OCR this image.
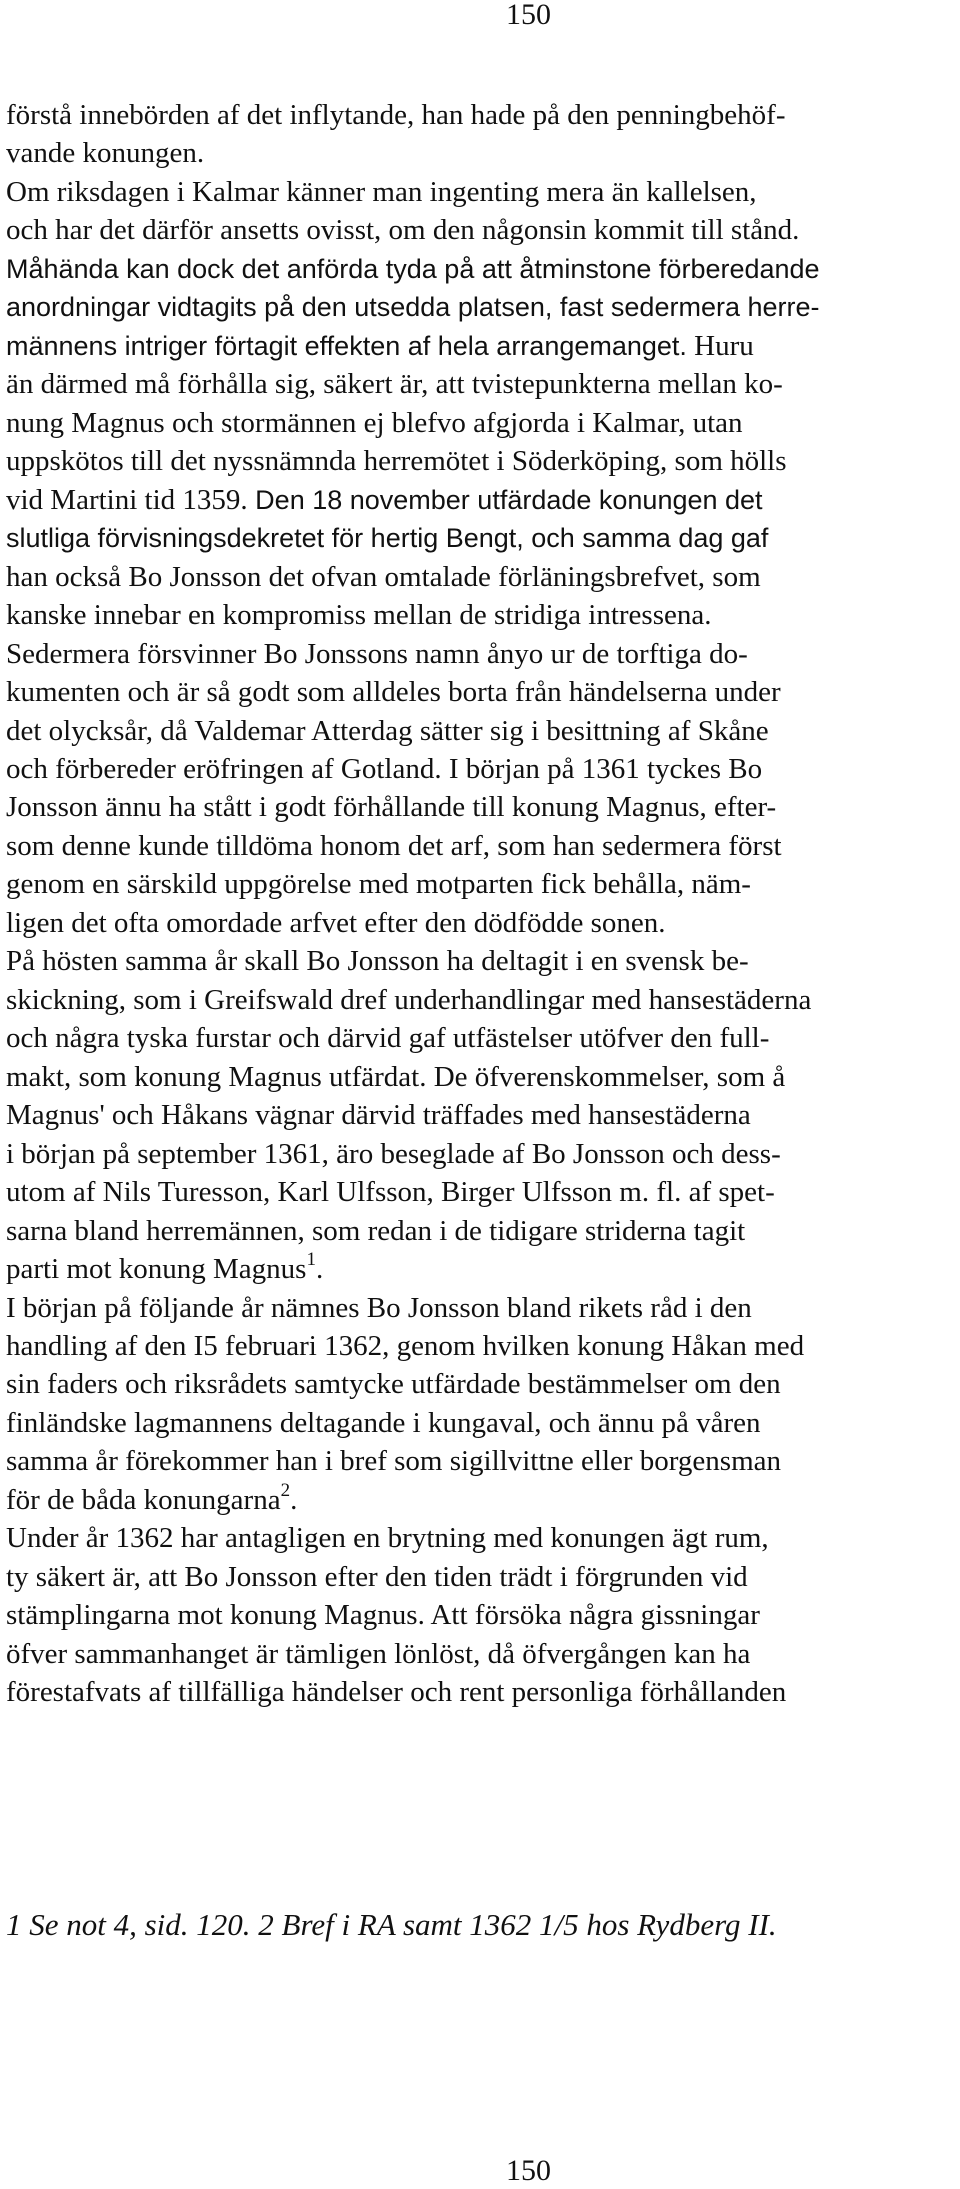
150
förstå innebörden af det inflytande, han hade på den penningbehöf-
vande konungen.
Om riksdagen i Kalmar känner man ingenting mera än kallelsen,
och har det därför ansetts ovisst, om den någonsin kommit till stånd.
Måhända kan dock det anförda tyda på att åtminstone förberedande
anordningar vidtagits på den utsedda platsen, fast sedermera herre-
männens intriger förtagit effekten af hela arrangemanget. Huru
än därmed må förhålla sig, säkert är, att tvistepunkterna mellan ko-
nung Magnus och stormännen ej blefvo afgjorda i Kalmar, utan
uppskötos till det nyssnämnda herremötet i Söderköping, som hölls
vid Martini tid 1359. Den 18 november utfärdade konungen det
slutliga förvisningsdekretet för hertig Bengt, och samma dag gaf
han också Bo Jonsson det ofvan omtalade förläningsbrefvet, som
kanske innebar en kompromiss mellan de stridiga intressena.
Sedermera försvinner Bo Jonssons namn ånyo ur de torftiga do-
kumenten och är så godt som alldeles borta från händelserna under
det olycksår, då Valdemar Atterdag sätter sig i besittning af Skåne
och förbereder eröfringen af Gotland. I början på 1361 tyckes Bo
Jonsson ännu ha stått i godt förhållande till konung Magnus, efter-
som denne kunde tilldöma honom det arf, som han sedermera först
genom en särskild uppgörelse med motparten fick behålla, näm-
ligen det ofta omordade arfvet efter den dödfödde sonen.
På hösten samma år skall Bo Jonsson ha deltagit i en svensk be-
skickning, som i Greifswald dref underhandlingar med hansestäderna
och några tyska furstar och därvid gaf utfästelser utöfver den full-
makt, som konung Magnus utfärdat. De öfverenskommelser, som å
Magnus' och Håkans vägnar därvid träffades med hansestäderna
i början på september 1361, äro beseglade af Bo Jonsson och dess-
utom af Nils Turesson, Karl Ulfsson, Birger Ulfsson m. fl. af spet-
sarna bland herremännen, som redan i de tidigare striderna tagit
parti mot konung Magnus$^1$.
I början på följande år nämnes Bo Jonsson bland rikets råd i den
handling af den I5 februari 1362, genom hvilken konung Håkan med
sin faders och riksrådets samtycke utfärdade bestämmelser om den
finländske lagmannens deltagande i kungaval, och ännu på våren
samma år förekommer han i bref som sigillvittne eller borgensman
för de båda konungarna$^2$.
Under år 1362 har antagligen en brytning med konungen ägt rum,
ty säkert är, att Bo Jonsson efter den tiden trädt i förgrunden vid
stämplingarna mot konung Magnus. Att försöka några gissningar
öfver sammanhanget är tämligen lönlöst, då öfvergången kan ha
förestafvats af tillfälliga händelser och rent personliga förhållanden
1 Se not 4, sid. 120. 2 Bref i RA samt 1362 1/5 hos Rydberg II.
150
